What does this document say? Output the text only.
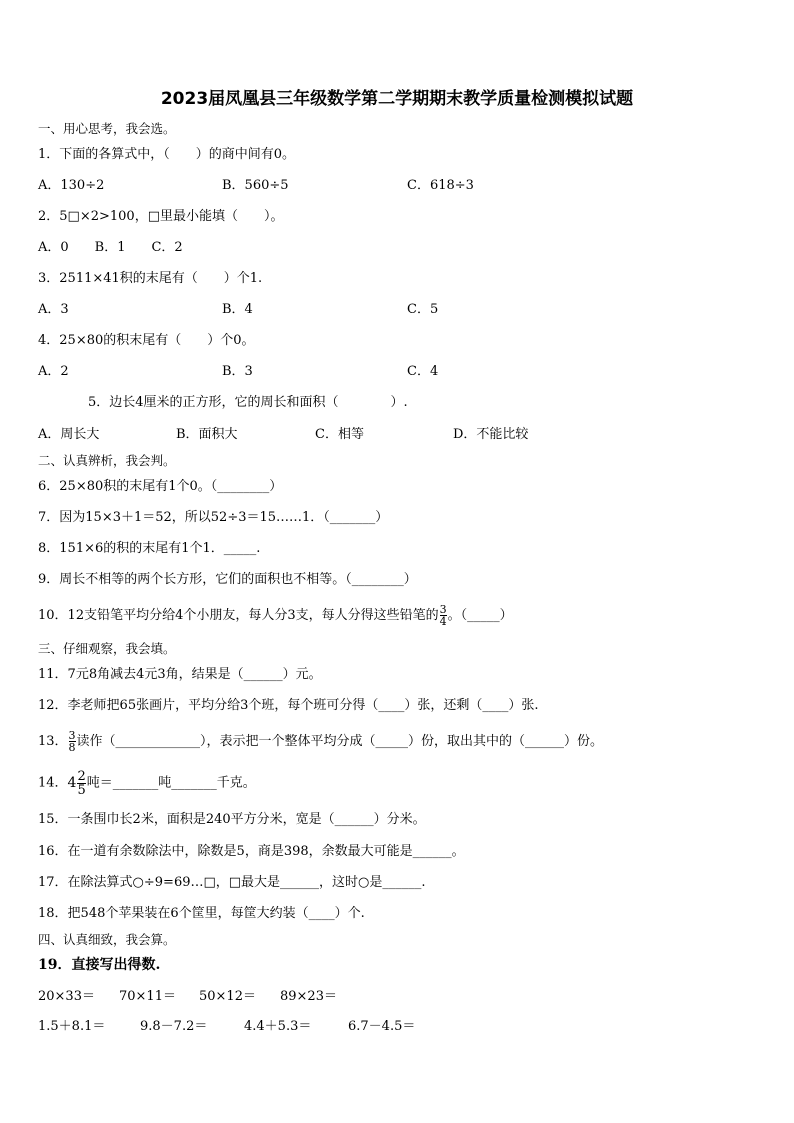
2023届凤凰县三年级数学第二学期期末教学质量检测模拟试题
一、用心思考，我会选。
1．下面的各算式中，（　　）的商中间有0。
A．130÷2	B．560÷5	C．618÷3
2．5□×2>100，□里最小能填（　　）。
A．0　　B．1　　C．2
3．2511×41积的末尾有（　　）个1.
A．3	B．4	C．5
4．25×80的积末尾有（　　）个0。
A．2	B．3	C．4
5．边长4厘米的正方形，它的周长和面积（　　　　）.
A．周长大	B．面积大	C．相等	D．不能比较
二、认真辨析，我会判。
6．25×80积的末尾有1个0。（________）
7．因为15×3＋1＝52，所以52÷3＝15……1．（_______）
8．151×6的积的末尾有1个1．_____.
9．周长不相等的两个长方形，它们的面积也不相等。（________）
10．12支铅笔平均分给4个小朋友，每人分3支，每人分得这些铅笔的 $\frac{3}{4}$ 。（_____）
三、仔细观察，我会填。
11．7元8角减去4元3角，结果是（______）元。
12．李老师把65张画片，平均分给3个班，每个班可分得（____）张，还剩（____）张.
13． $\frac{3}{8}$ 读作（_____________），表示把一个整体平均分成（_____）份，取出其中的（______）份。
14．$4 \frac{2}{5}$ 吨＝_______吨_______千克。
15．一条围巾长2米，面积是240平方分米，宽是（______）分米。
16．在一道有余数除法中，除数是5，商是398，余数最大可能是______。
17．在除法算式○÷9=69…□，□最大是______，这时○是______.
18．把548个苹果装在6个筐里，每筐大约装（____）个.
四、认真细致，我会算。
19．直接写出得数.
20×33＝ 70×11＝ 50×12＝ 89×23＝
1.5＋8.1＝	9.8－7.2＝	4.4＋5.3＝	6.7－4.5＝
